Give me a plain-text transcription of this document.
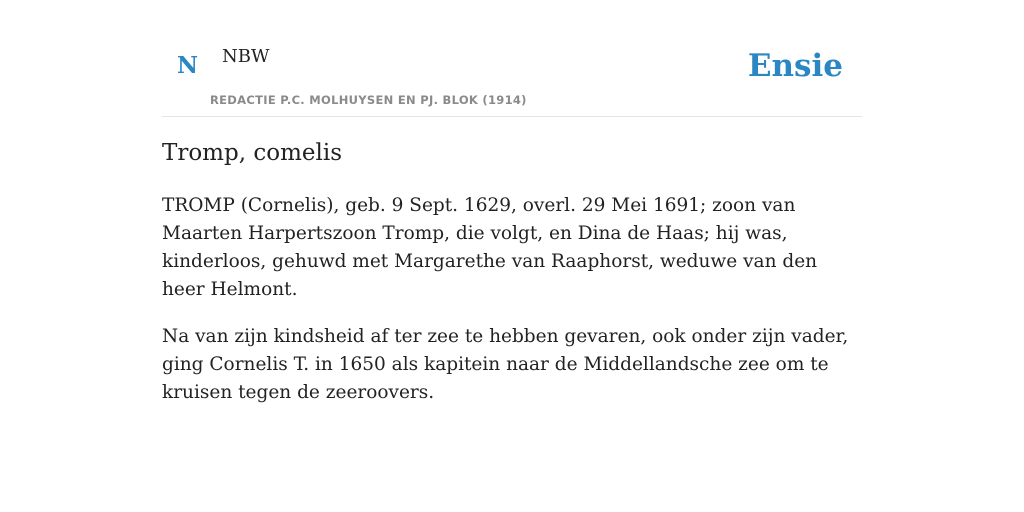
N NBW
REDACTIE P.C. MOLHUYSEN EN PJ. BLOK (1914)
Ensie
Tromp, comelis

TROMP (Cornelis), geb. 9 Sept. 1629, overl. 29 Mei 1691; zoon van Maarten Harpertszoon Tromp, die volgt, en Dina de Haas; hij was, kinderloos, gehuwd met Margarethe van Raaphorst, weduwe van den heer Helmont.

Na van zijn kindsheid af ter zee te hebben gevaren, ook onder zijn vader, ging Cornelis T. in 1650 als kapitein naar de Middellandsche zee om te kruisen tegen de zeeroovers.
